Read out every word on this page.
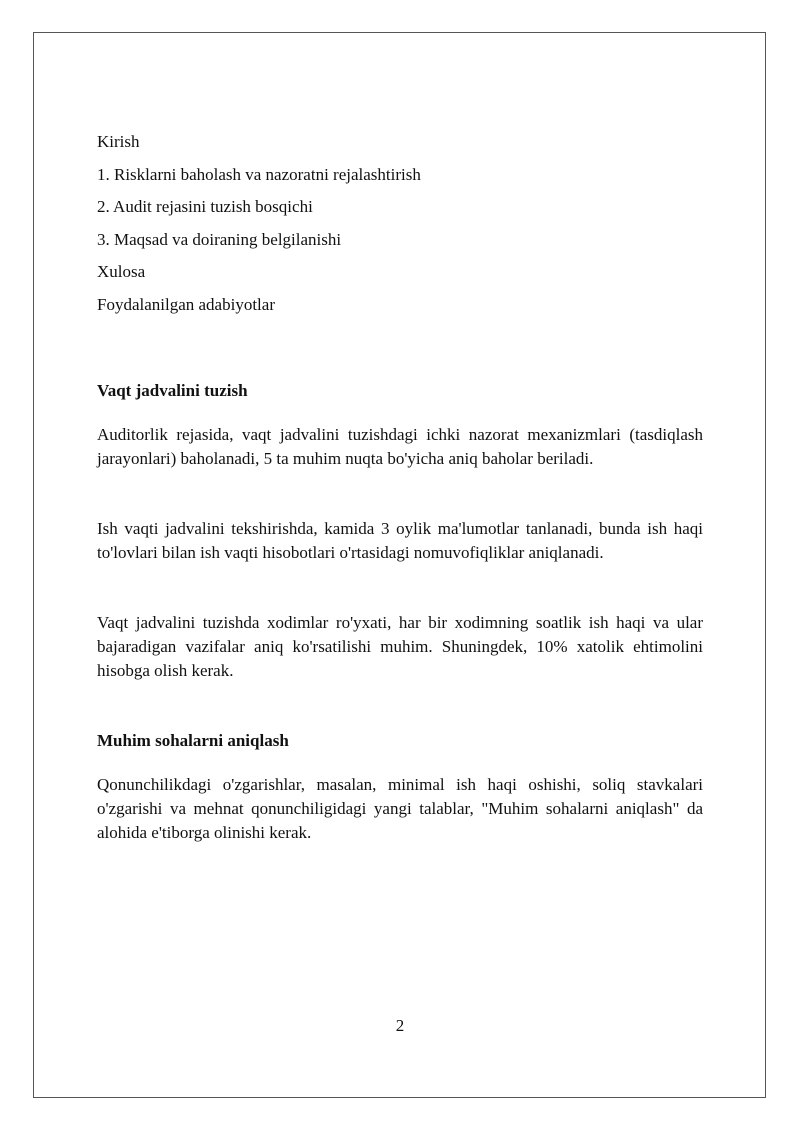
Kirish
1. Risklarni baholash va nazoratni rejalashtirish
2. Audit rejasini tuzish bosqichi
3. Maqsad va doiraning belgilanishi
Xulosa
Foydalanilgan adabiyotlar
Vaqt jadvalini tuzish

Auditorlik rejasida, vaqt jadvalini tuzishdagi ichki nazorat mexanizmlari (tasdiqlash jarayonlari) baholanadi, 5 ta muhim nuqta bo'yicha aniq baholar beriladi.

Ish vaqti jadvalini tekshirishda, kamida 3 oylik ma'lumotlar tanlanadi, bunda ish haqi to'lovlari bilan ish vaqti hisobotlari o'rtasidagi nomuvofiqliklar aniqlanadi.

Vaqt jadvalini tuzishda xodimlar ro'yxati, har bir xodimning soatlik ish haqi va ular bajaradigan vazifalar aniq ko'rsatilishi muhim. Shuningdek, 10% xatolik ehtimolini hisobga olish kerak.

Muhim sohalarni aniqlash

Qonunchilikdagi o'zgarishlar, masalan, minimal ish haqi oshishi, soliq stavkalari o'zgarishi va mehnat qonunchiligidagi yangi talablar, "Muhim sohalarni aniqlash" da alohida e'tiborga olinishi kerak.

2
